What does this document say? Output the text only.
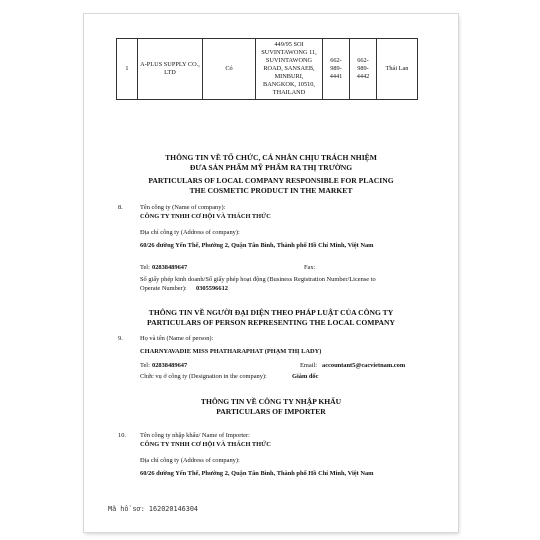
1	A-PLUS SUPPLY CO., LTD	Có	449/95 SOI SUVINTAWONG 11, SUVINTAWONG ROAD, SANSAEB, MINBURI, BANGKOK, 10510, THAILAND	662-989-4441	662-989-4442	Thái Lan
THÔNG TIN VỀ TỔ CHỨC, CÁ NHÂN CHỊU TRÁCH NHIỆM
ĐƯA SẢN PHẨM MỸ PHẨM RA THỊ TRƯỜNG
PARTICULARS OF LOCAL COMPANY RESPONSIBLE FOR PLACING
THE COSMETIC PRODUCT IN THE MARKET
8.	Tên công ty (Name of company):
CÔNG TY TNHH CƠ HỘI VÀ THÁCH THỨC
Địa chỉ công ty (Address of company):
60/26 đường Yến Thế, Phường 2, Quận Tân Bình, Thành phố Hồ Chí Minh, Việt Nam
Tel: 02838489647	Fax:
Số giấy phép kinh doanh/Số giấy phép hoạt động (Business Registration Number/License to
Operate Number): 0305596612
THÔNG TIN VỀ NGƯỜI ĐẠI DIỆN THEO PHÁP LUẬT CỦA CÔNG TY
PARTICULARS OF PERSON REPRESENTING THE LOCAL COMPANY
9.	Họ và tên (Name of person):
CHARNYAVADIE MISS PHATHARAPHAT (PHẠM THỊ LADY)
Tel: 02838489647	Email: accountant5@cacvietnam.com
Chức vụ ở công ty (Designation in the company):	Giám đốc
THÔNG TIN VỀ CÔNG TY NHẬP KHẨU
PARTICULARS OF IMPORTER
10. Tên công ty nhập khẩu/ Name of Importer:
CÔNG TY TNHH CƠ HỘI VÀ THÁCH THỨC
Địa chỉ công ty (Address of company):
60/26 đường Yến Thế, Phường 2, Quận Tân Bình, Thành phố Hồ Chí Minh, Việt Nam
Mã hồ sơ: 162020146304
